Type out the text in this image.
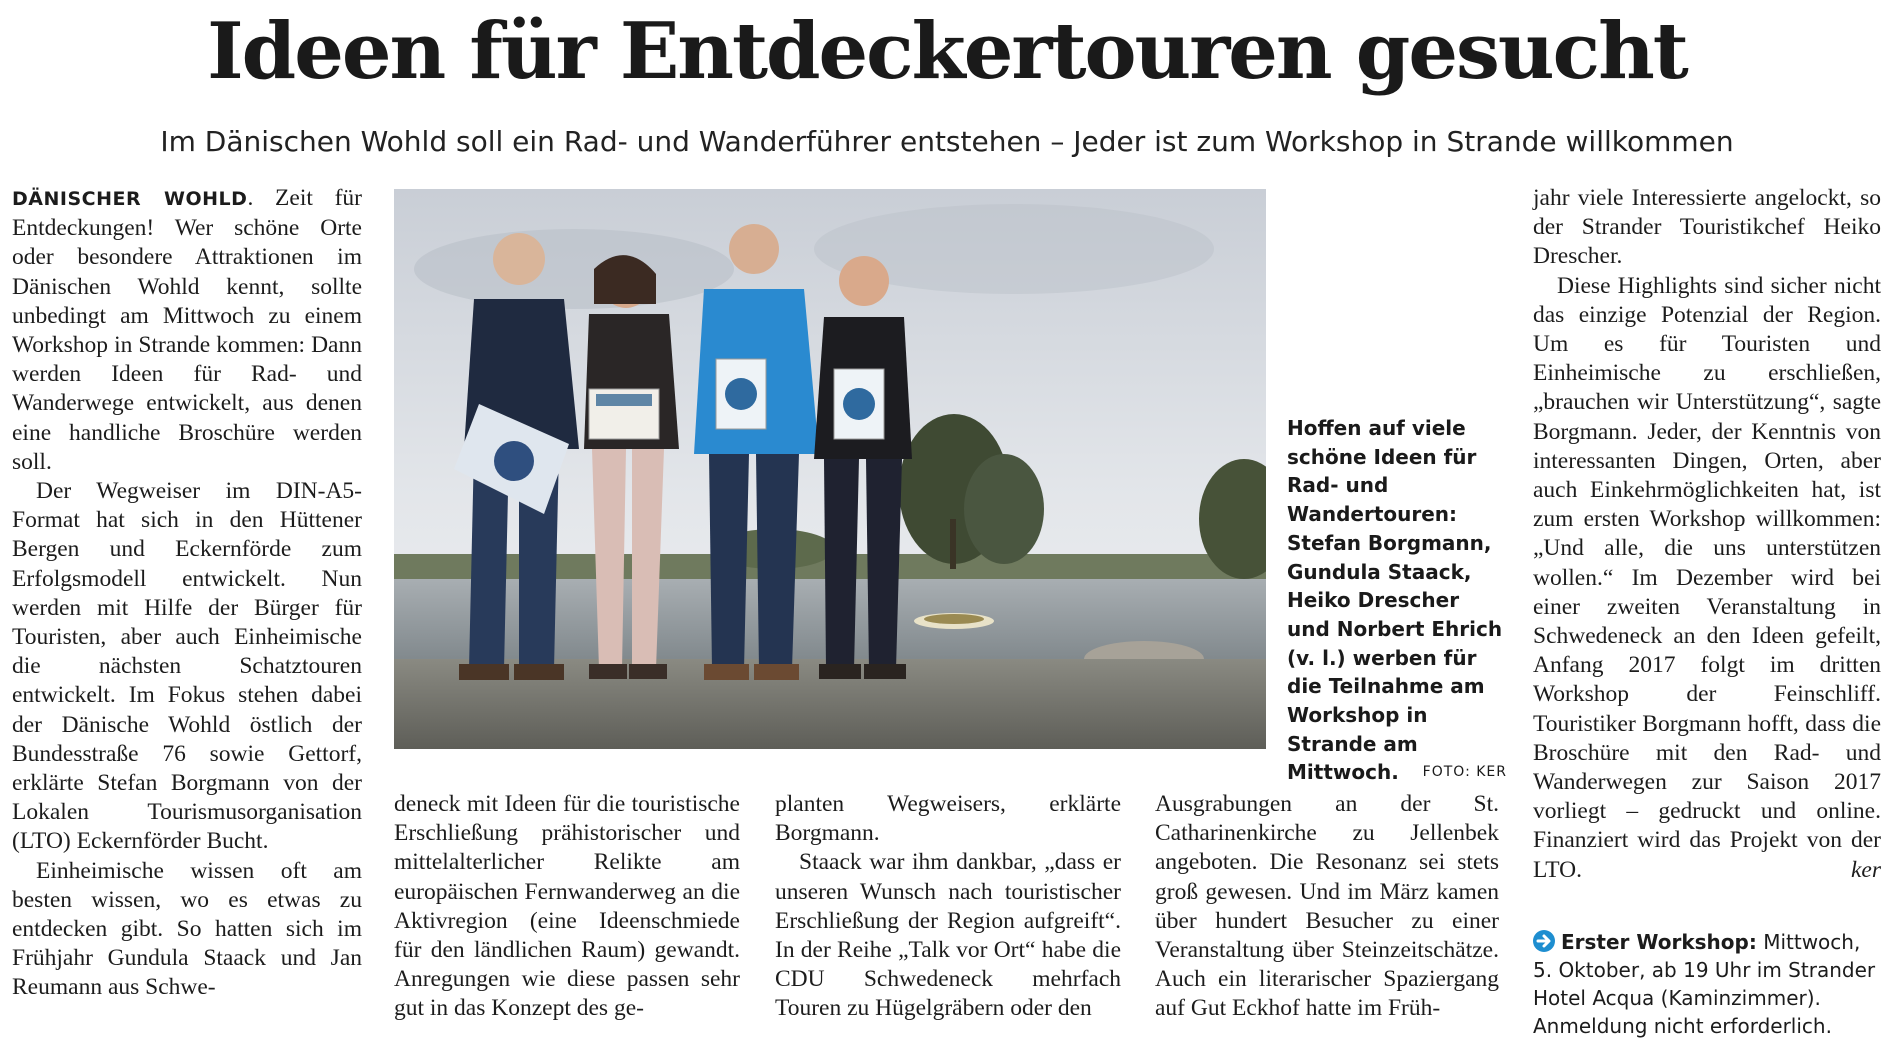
Ideen für Entdeckertouren gesucht
Im Dänischen Wohld soll ein Rad- und Wanderführer entstehen – Jeder ist zum Workshop in Strande willkommen

DÄNISCHER WOHLD. Zeit für Entdeckungen! Wer schöne Orte oder besondere Attraktionen im Dänischen Wohld kennt, sollte unbedingt am Mittwoch zu einem Workshop in Strande kommen: Dann werden Ideen für Rad- und Wanderwege entwickelt, aus denen eine handliche Broschüre werden soll.

Der Wegweiser im DIN-A5-Format hat sich in den Hüttener Bergen und Eckernförde zum Erfolgsmodell entwickelt. Nun werden mit Hilfe der Bürger für Touristen, aber auch Einheimische die nächsten Schatztouren entwickelt. Im Fokus stehen dabei der Dänische Wohld östlich der Bundesstraße 76 sowie Gettorf, erklärte Stefan Borgmann von der Lokalen Tourismusorganisation (LTO) Eckernförder Bucht.

Einheimische wissen oft am besten wissen, wo es etwas zu entdecken gibt. So hatten sich im Frühjahr Gundula Staack und Jan Reumann aus Schwe-

Hoffen auf viele schöne Ideen für Rad- und Wandertouren: Stefan Borgmann, Gundula Staack, Heiko Drescher und Norbert Ehrich (v. l.) werben für die Teilnahme am Workshop in Strande am Mittwoch. FOTO: KER

deneck mit Ideen für die touristische Erschließung prähistorischer und mittelalterlicher Relikte am europäischen Fernwanderweg an die Aktivregion (eine Ideenschmiede für den ländlichen Raum) gewandt. Anregungen wie diese passen sehr gut in das Konzept des ge-

planten Wegweisers, erklärte Borgmann.

Staack war ihm dankbar, „dass er unseren Wunsch nach touristischer Erschließung der Region aufgreift“. In der Reihe „Talk vor Ort“ habe die CDU Schwedeneck mehrfach Touren zu Hügelgräbern oder den

Ausgrabungen an der St. Catharinenkirche zu Jellenbek angeboten. Die Resonanz sei stets groß gewesen. Und im März kamen über hundert Besucher zu einer Veranstaltung über Steinzeitschätze. Auch ein literarischer Spaziergang auf Gut Eckhof hatte im Früh-

jahr viele Interessierte angelockt, so der Strander Touristikchef Heiko Drescher.

Diese Highlights sind sicher nicht das einzige Potenzial der Region. Um es für Touristen und Einheimische zu erschließen, „brauchen wir Unterstützung“, sagte Borgmann. Jeder, der Kenntnis von interessanten Dingen, Orten, aber auch Einkehrmöglichkeiten hat, ist zum ersten Workshop willkommen: „Und alle, die uns unterstützen wollen.“ Im Dezember wird bei einer zweiten Veranstaltung in Schwedeneck an den Ideen gefeilt, Anfang 2017 folgt im dritten Workshop der Feinschliff. Touristiker Borgmann hofft, dass die Broschüre mit den Rad- und Wanderwegen zur Saison 2017 vorliegt – gedruckt und online. Finanziert wird das Projekt von der LTO.	ker

Erster Workshop: Mittwoch, 5. Oktober, ab 19 Uhr im Strander Hotel Acqua (Kaminzimmer). Anmeldung nicht erforderlich.
